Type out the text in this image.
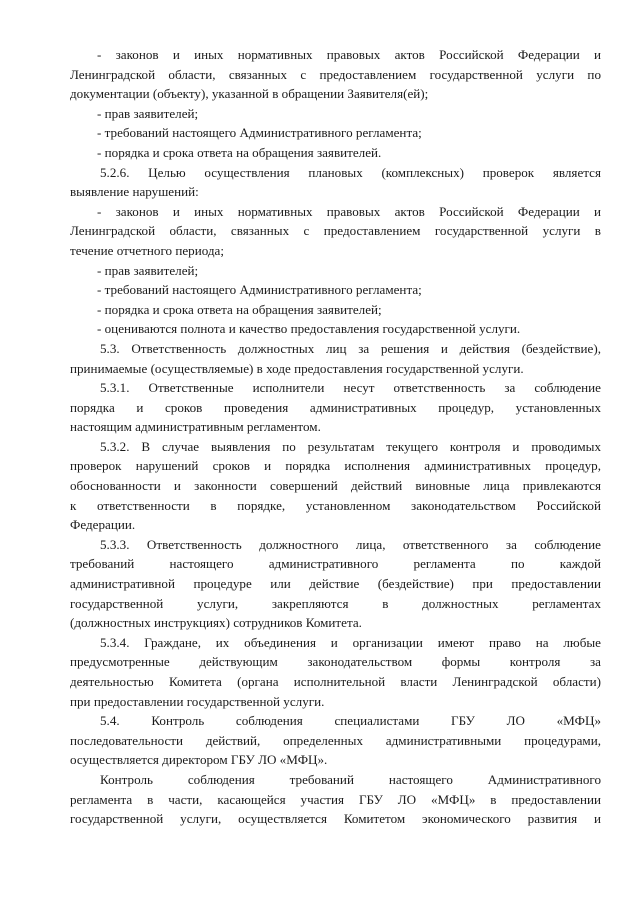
- законов и иных нормативных правовых актов Российской Федерации и
Ленинградской области, связанных с предоставлением государственной услуги по
документации (объекту), указанной в обращении Заявителя(ей);
- прав заявителей;
- требований настоящего Административного регламента;
- порядка и срока ответа на обращения заявителей.
5.2.6. Целью осуществления плановых (комплексных) проверок является
выявление нарушений:
- законов и иных нормативных правовых актов Российской Федерации и
Ленинградской области, связанных с предоставлением государственной услуги в
течение отчетного периода;
- прав заявителей;
- требований настоящего Административного регламента;
- порядка и срока ответа на обращения заявителей;
- оцениваются полнота и качество предоставления государственной услуги.
5.3. Ответственность должностных лиц за решения и действия (бездействие),
принимаемые (осуществляемые) в ходе предоставления государственной услуги.
5.3.1. Ответственные исполнители несут ответственность за соблюдение
порядка и сроков проведения административных процедур, установленных
настоящим административным регламентом.
5.3.2. В случае выявления по результатам текущего контроля и проводимых
проверок нарушений сроков и порядка исполнения административных процедур,
обоснованности и законности совершений действий виновные лица привлекаются
к ответственности в порядке, установленном законодательством Российской
Федерации.
5.3.3. Ответственность должностного лица, ответственного за соблюдение
требований настоящего административного регламента по каждой
административной процедуре или действие (бездействие) при предоставлении
государственной услуги, закрепляются в должностных регламентах
(должностных инструкциях) сотрудников Комитета.
5.3.4. Граждане, их объединения и организации имеют право на любые
предусмотренные действующим законодательством формы контроля за
деятельностью Комитета (органа исполнительной власти Ленинградской области)
при предоставлении государственной услуги.
5.4. Контроль соблюдения специалистами ГБУ ЛО «МФЦ»
последовательности действий, определенных административными процедурами,
осуществляется директором ГБУ ЛО «МФЦ».
Контроль соблюдения требований настоящего Административного
регламента в части, касающейся участия ГБУ ЛО «МФЦ» в предоставлении
государственной услуги, осуществляется Комитетом экономического развития и
